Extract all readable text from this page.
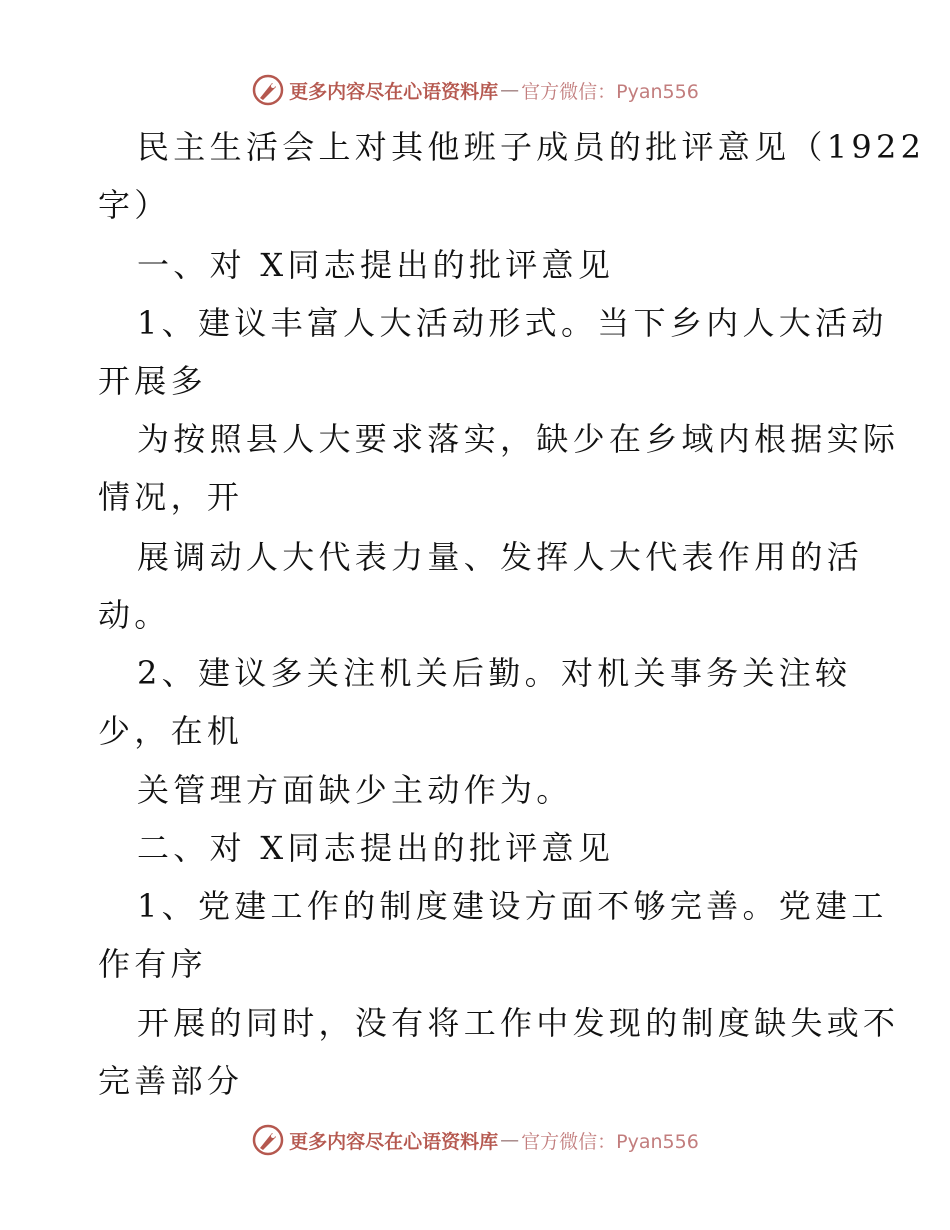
更多内容尽在心语资料库 — 官方微信：Pyan556
民主生活会上对其他班子成员的批评意见（1922
字）
一、对 X同志提出的批评意见
1、建议丰富人大活动形式。当下乡内人大活动
开展多
为按照县人大要求落实，缺少在乡域内根据实际
情况，开
展调动人大代表力量、发挥人大代表作用的活
动。
2、建议多关注机关后勤。对机关事务关注较
少，在机
关管理方面缺少主动作为。
二、对 X同志提出的批评意见
1、党建工作的制度建设方面不够完善。党建工
作有序
开展的同时，没有将工作中发现的制度缺失或不
完善部分
更多内容尽在心语资料库 — 官方微信：Pyan556
